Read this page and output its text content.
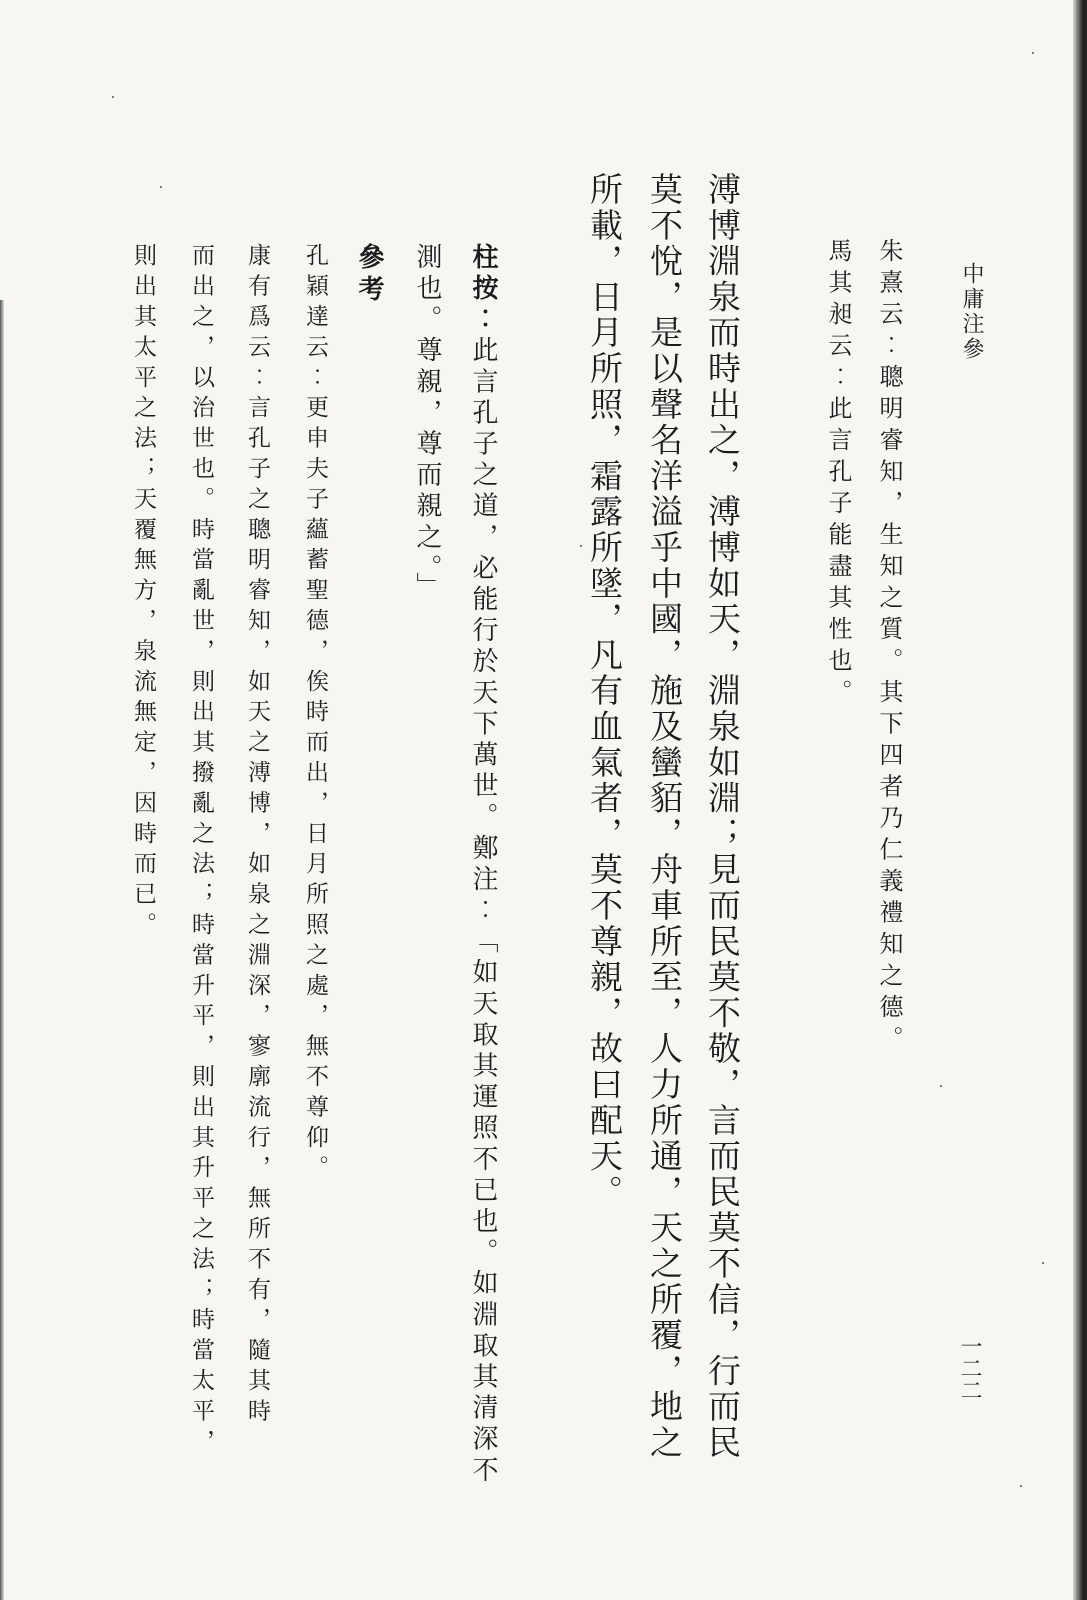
中庸注參
朱熹云︰聰明睿知，生知之質。其下四者乃仁義禮知之德。
馬其昶云︰此言孔子能盡其性也。
溥博淵泉而時出之，溥博如天，淵泉如淵；見而民莫不敬，言而民莫不信，行而民
莫不悅，是以聲名洋溢乎中國，施及蠻貊，舟車所至，人力所通，天之所覆，地之
所載，日月所照，霜露所墜，凡有血氣者，莫不尊親，故曰配天。
柱按︰此言孔子之道，必能行於天下萬世。鄭注︰「如天取其運照不已也。如淵取其清深不
測也。尊親，尊而親之。」
參考
孔穎達云︰更申夫子蘊蓄聖德，俟時而出，日月所照之處，無不尊仰。
康有爲云︰言孔子之聰明睿知，如天之溥博，如泉之淵深，寥廓流行，無所不有，隨其時
而出之，以治世也。時當亂世，則出其撥亂之法；時當升平，則出其升平之法；時當太平，
則出其太平之法；天覆無方，泉流無定，因時而已。
一二二
